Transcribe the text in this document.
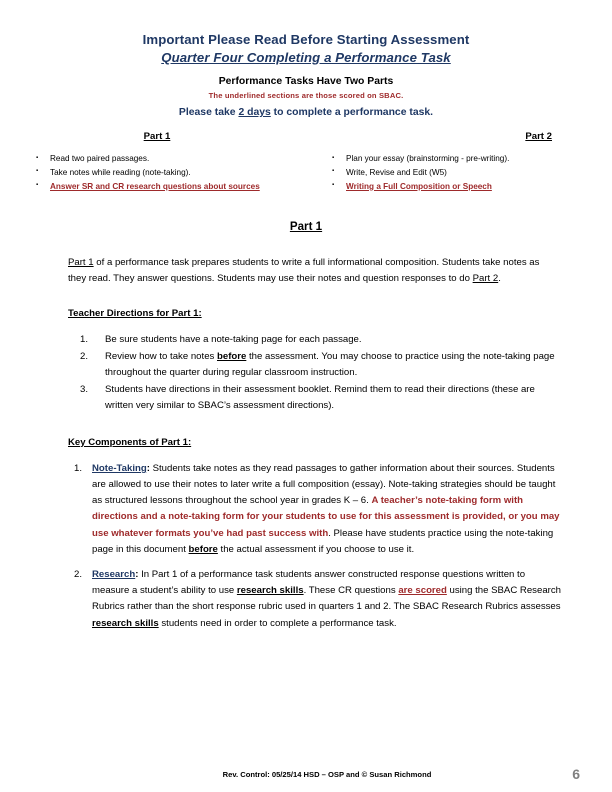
Important Please Read Before Starting Assessment
Quarter Four Completing a Performance Task
Performance Tasks Have Two Parts
The underlined sections are those scored on SBAC.
Please take 2 days to complete a performance task.
Part 1
▪ Read two paired passages.
▪ Take notes while reading (note-taking).
▪ Answer SR and CR research questions about sources
Part 2
▪ Plan your essay (brainstorming - pre-writing).
▪ Write, Revise and Edit (W5)
▪ Writing a Full Composition or Speech
Part 1

Part 1 of a performance task prepares students to write a full informational composition. Students take notes as they read. They answer questions. Students may use their notes and question responses to do Part 2.

Teacher Directions for Part 1:
Be sure students have a note-taking page for each passage.
Review how to take notes before the assessment. You may choose to practice using the note-taking page throughout the quarter during regular classroom instruction.
Students have directions in their assessment booklet. Remind them to read their directions (these are written very similar to SBAC’s assessment directions).
Key Components of Part 1:
Note-Taking: Students take notes as they read passages to gather information about their sources. Students are allowed to use their notes to later write a full composition (essay). Note-taking strategies should be taught as structured lessons throughout the school year in grades K – 6. A teacher’s note-taking form with directions and a note-taking form for your students to use for this assessment is provided, or you may use whatever formats you’ve had past success with. Please have students practice using the note-taking page in this document before the actual assessment if you choose to use it.
Research: In Part 1 of a performance task students answer constructed response questions written to measure a student’s ability to use research skills. These CR questions are scored using the SBAC Research Rubrics rather than the short response rubric used in quarters 1 and 2. The SBAC Research Rubrics assesses research skills students need in order to complete a performance task.
Rev. Control: 05/25/14 HSD – OSP and © Susan Richmond	6
